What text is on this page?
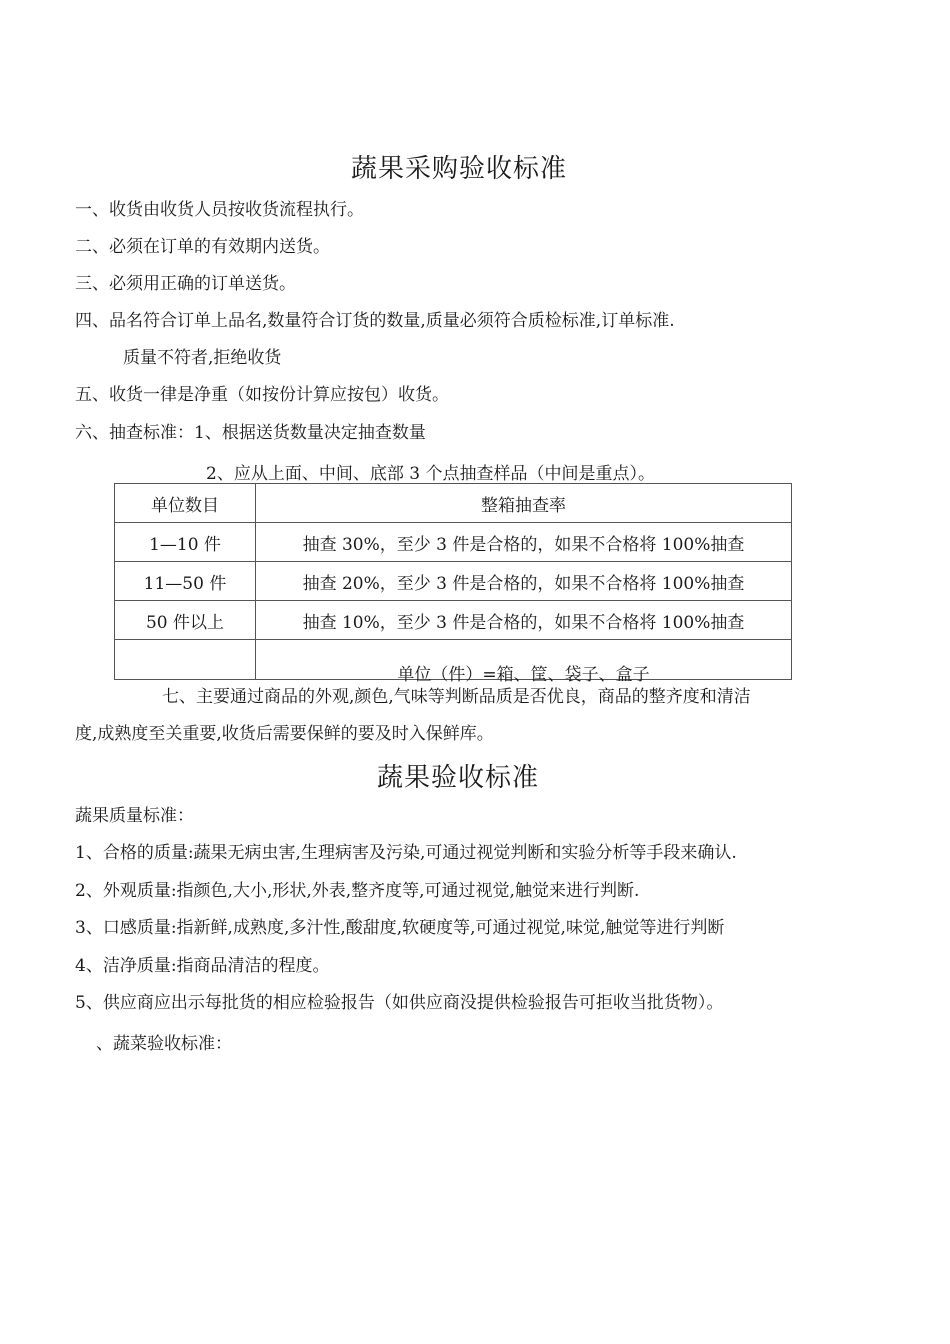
蔬果采购验收标准
一、收货由收货人员按收货流程执行。
二、必须在订单的有效期内送货。
三、必须用正确的订单送货。
四、品名符合订单上品名,数量符合订货的数量,质量必须符合质检标准,订单标准.
质量不符者,拒绝收货
五、收货一律是净重（如按份计算应按包）收货。
六、抽查标准：1、根据送货数量决定抽查数量
2、应从上面、中间、底部 3 个点抽查样品（中间是重点）。
单位数目	整箱抽查率
1—10 件	抽查 30%，至少 3 件是合格的，如果不合格将 100%抽查
11—50 件	抽查 20%，至少 3 件是合格的，如果不合格将 100%抽查
50 件以上	抽查 10%，至少 3 件是合格的，如果不合格将 100%抽查
	单位（件）=箱、筐、袋子、盒子
七、主要通过商品的外观,颜色,气味等判断品质是否优良，商品的整齐度和清洁
度,成熟度至关重要,收货后需要保鲜的要及时入保鲜库。
蔬果验收标准
蔬果质量标准：
1、合格的质量:蔬果无病虫害,生理病害及污染,可通过视觉判断和实验分析等手段来确认.
2、外观质量:指颜色,大小,形状,外表,整齐度等,可通过视觉,触觉来进行判断.
3、口感质量:指新鲜,成熟度,多汁性,酸甜度,软硬度等,可通过视觉,味觉,触觉等进行判断
4、洁净质量:指商品清洁的程度。
5、供应商应出示每批货的相应检验报告（如供应商没提供检验报告可拒收当批货物）。
、蔬菜验收标准：
